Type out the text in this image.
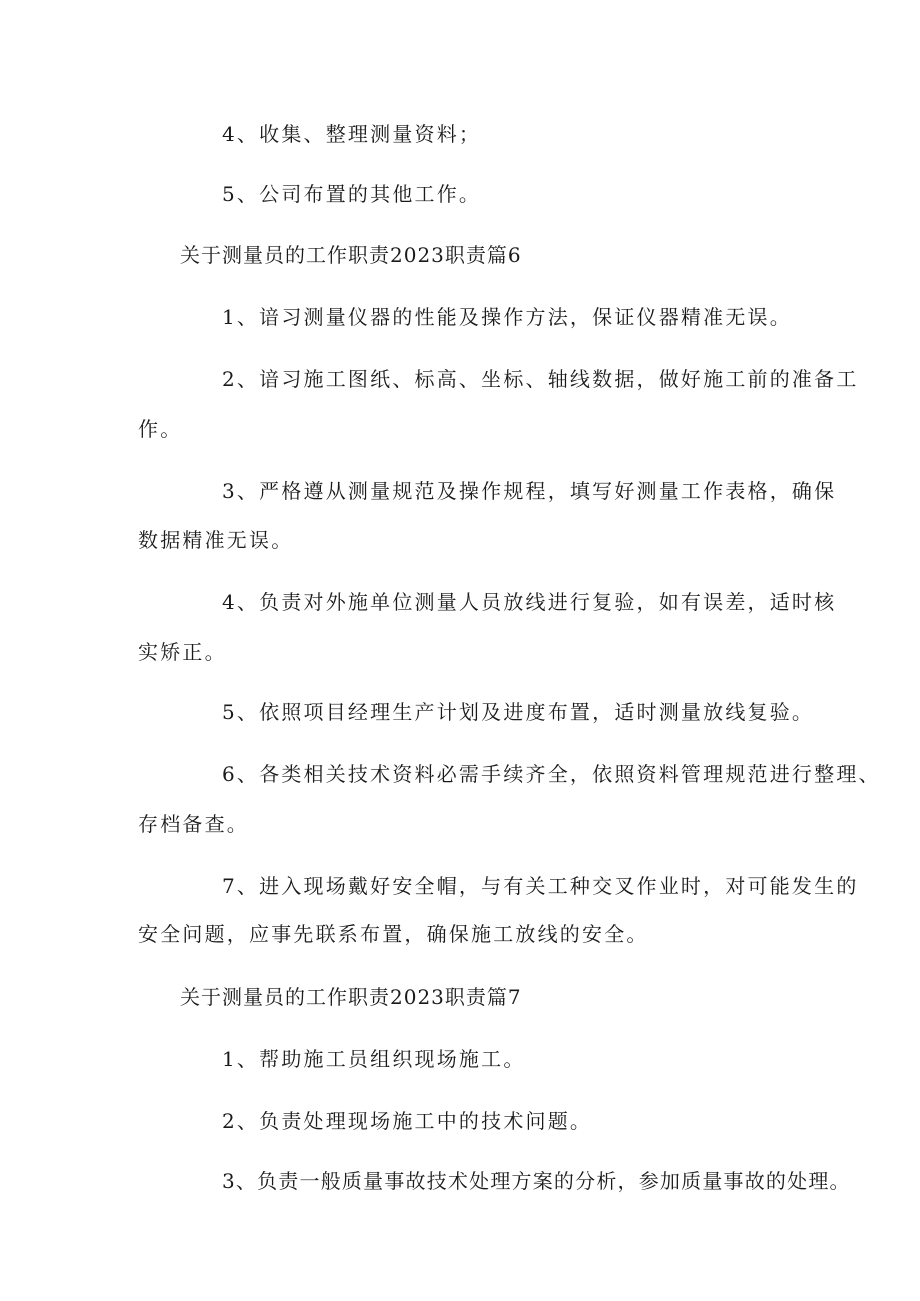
4、收集、整理测量资料；
5、公司布置的其他工作。
关于测量员的工作职责2023职责篇6
1、谙习测量仪器的性能及操作方法，保证仪器精准无误。
2、谙习施工图纸、标高、坐标、轴线数据，做好施工前的准备工
作。
3、严格遵从测量规范及操作规程，填写好测量工作表格，确保
数据精准无误。
4、负责对外施单位测量人员放线进行复验，如有误差，适时核
实矫正。
5、依照项目经理生产计划及进度布置，适时测量放线复验。
6、各类相关技术资料必需手续齐全，依照资料管理规范进行整理、
存档备查。
7、进入现场戴好安全帽，与有关工种交叉作业时，对可能发生的
安全问题，应事先联系布置，确保施工放线的安全。
关于测量员的工作职责2023职责篇7
1、帮助施工员组织现场施工。
2、负责处理现场施工中的技术问题。
3、负责一般质量事故技术处理方案的分析，参加质量事故的处理。
